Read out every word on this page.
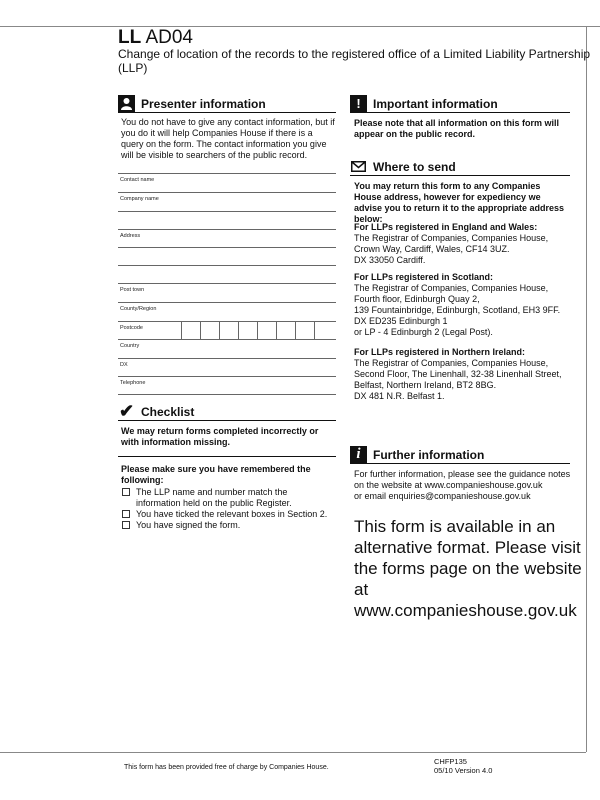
LL AD04
Change of location of the records to the registered office of a Limited Liability Partnership (LLP)
Presenter information
You do not have to give any contact information, but if you do it will help Companies House if there is a query on the form. The contact information you give will be visible to searchers of the public record.
Contact name
Company name
Address
Post town
County/Region
Postcode
Country
DX
Telephone
✔ Checklist
We may return forms completed incorrectly or with information missing.
Please make sure you have remembered the following:
The LLP name and number match the information held on the public Register.
You have ticked the relevant boxes in Section 2.
You have signed the form.
!	Important information
Please note that all information on this form will appear on the public record.
Where to send
You may return this form to any Companies House address, however for expediency we advise you to return it to the appropriate address below:
For LLPs registered in England and Wales:
The Registrar of Companies, Companies House,
Crown Way, Cardiff, Wales, CF14 3UZ.
DX 33050 Cardiff.
For LLPs registered in Scotland:
The Registrar of Companies, Companies House,
Fourth floor, Edinburgh Quay 2,
139 Fountainbridge, Edinburgh, Scotland, EH3 9FF.
DX ED235 Edinburgh 1
or LP - 4 Edinburgh 2 (Legal Post).
For LLPs registered in Northern Ireland:
The Registrar of Companies, Companies House,
Second Floor, The Linenhall, 32-38 Linenhall Street,
Belfast, Northern Ireland, BT2 8BG.
DX 481 N.R. Belfast 1.
i	Further information
For further information, please see the guidance notes
on the website at www.companieshouse.gov.uk
or email enquiries@companieshouse.gov.uk
This form is available in an alternative format. Please visit the forms page on the website at www.companieshouse.gov.uk
This form has been provided free of charge by Companies House.
CHFP135
05/10 Version 4.0
